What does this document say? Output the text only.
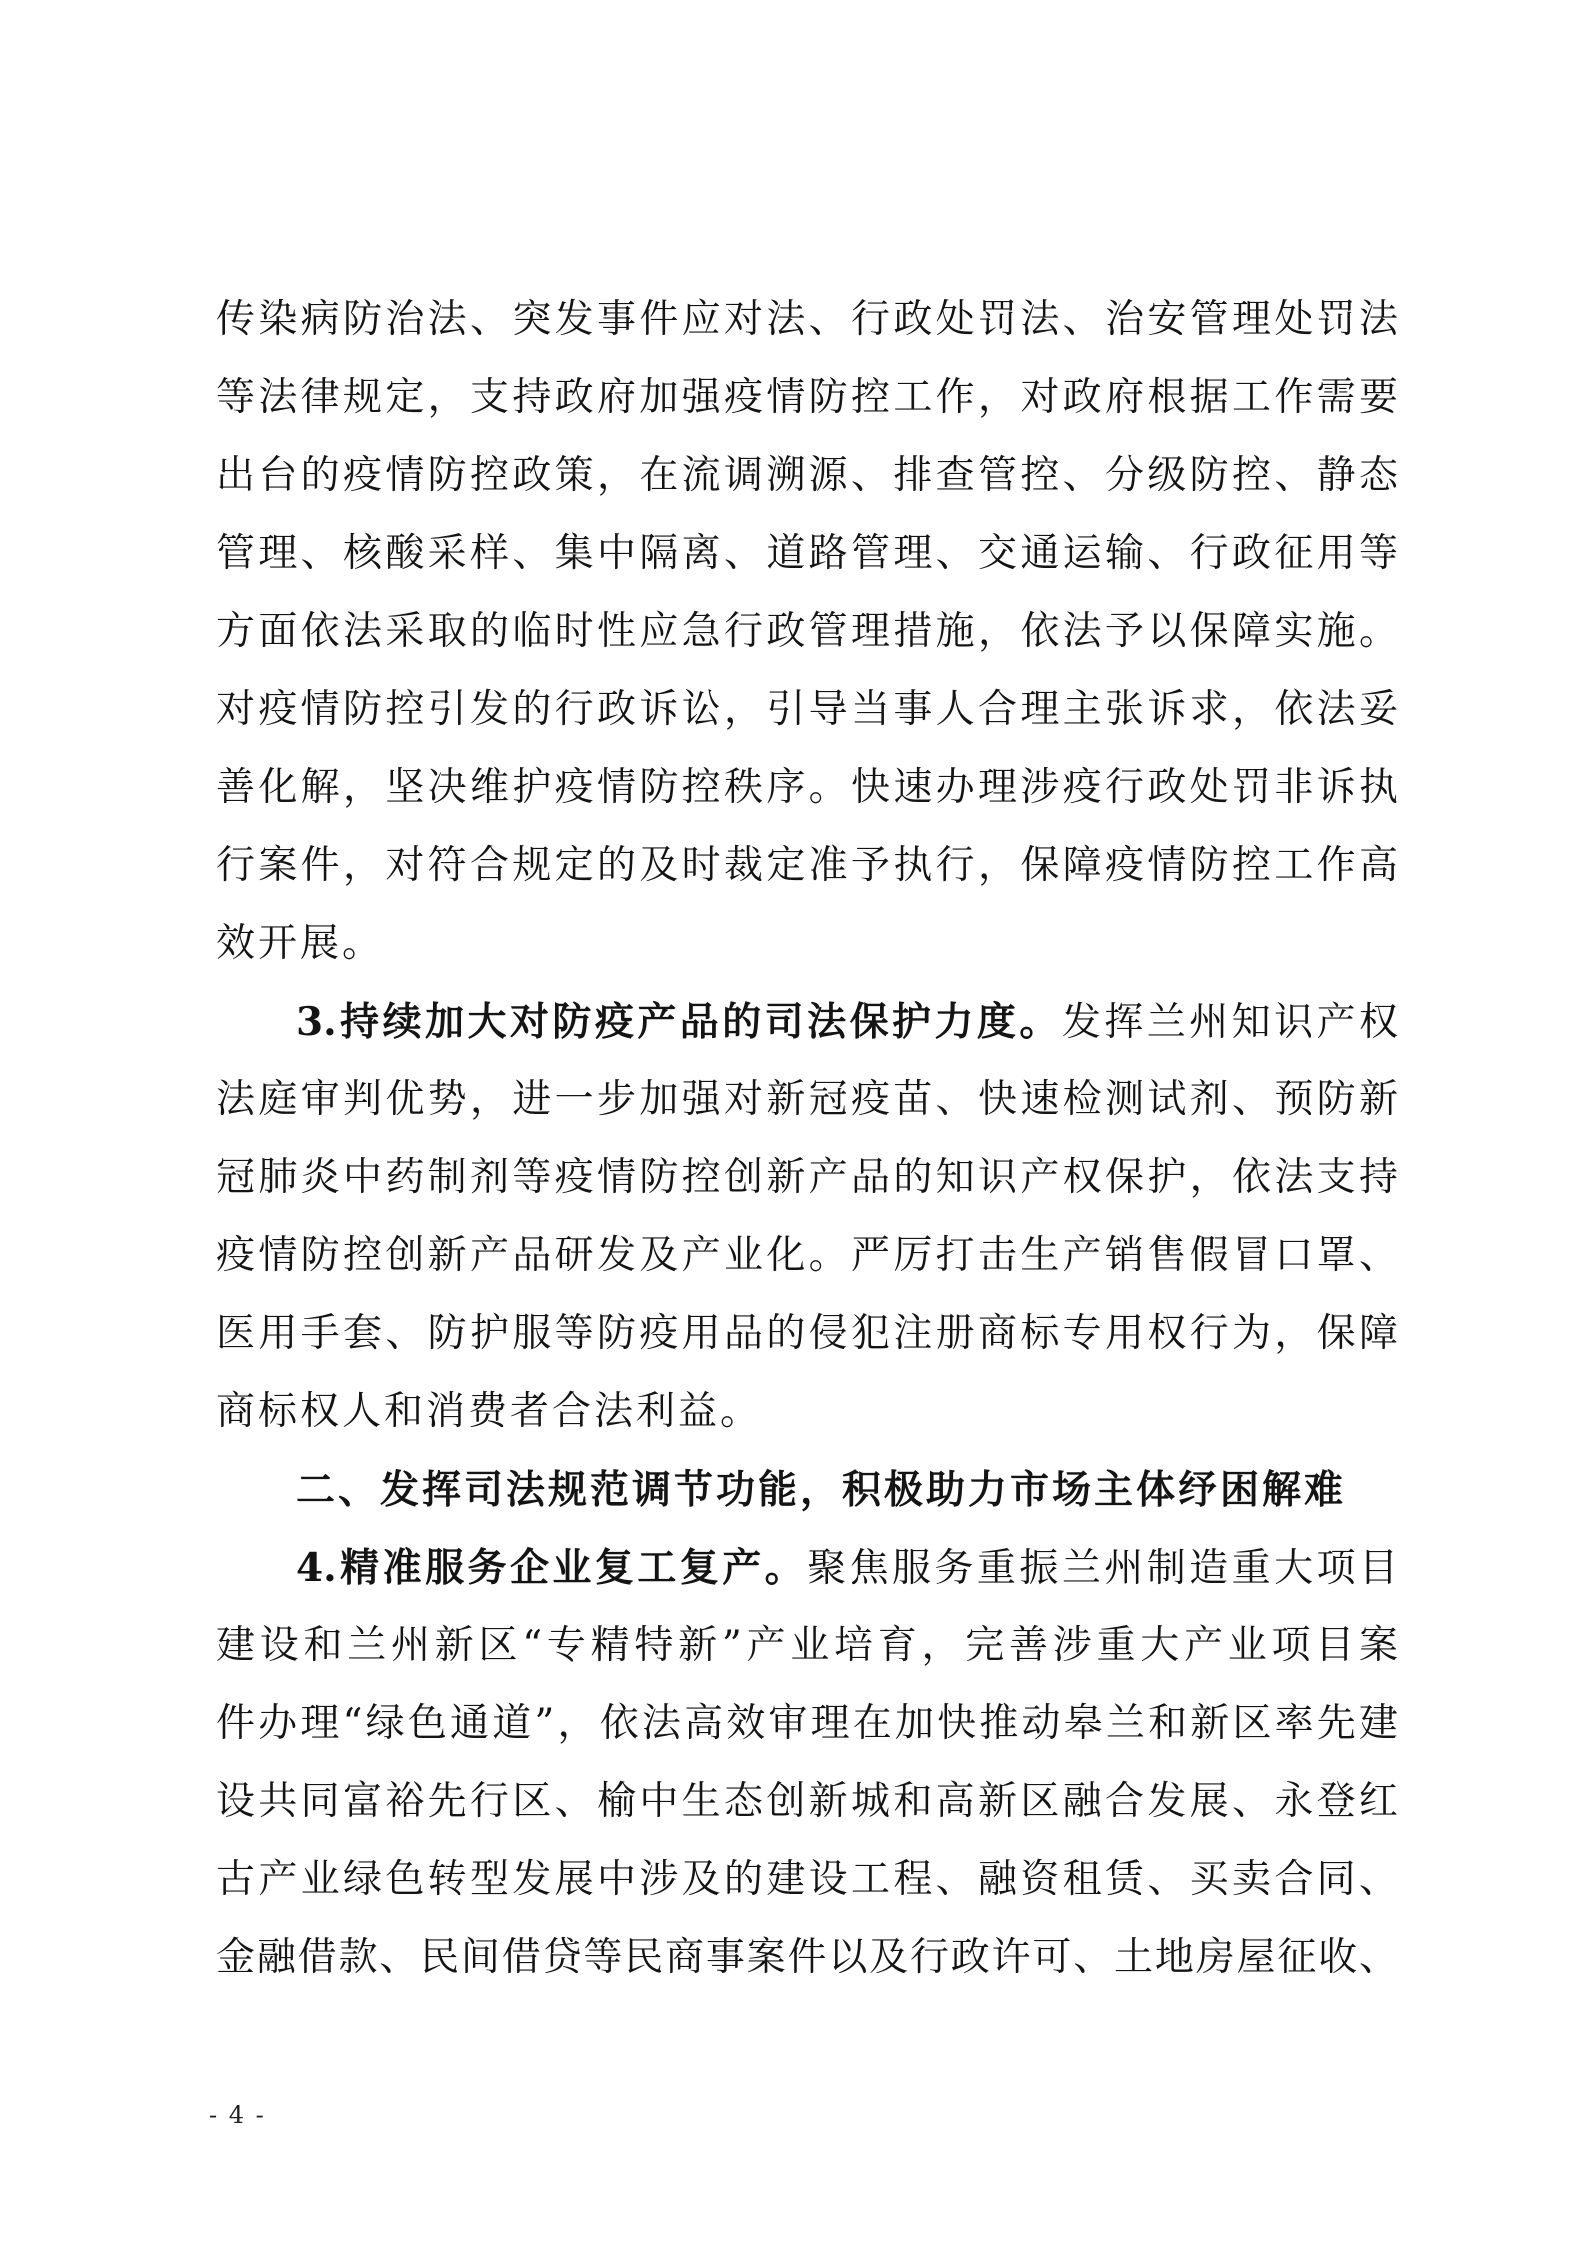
传染病防治法、突发事件应对法、行政处罚法、治安管理处罚法
等法律规定，支持政府加强疫情防控工作，对政府根据工作需要
出台的疫情防控政策，在流调溯源、排查管控、分级防控、静态
管理、核酸采样、集中隔离、道路管理、交通运输、行政征用等
方面依法采取的临时性应急行政管理措施，依法予以保障实施。
对疫情防控引发的行政诉讼，引导当事人合理主张诉求，依法妥
善化解，坚决维护疫情防控秩序。快速办理涉疫行政处罚非诉执
行案件，对符合规定的及时裁定准予执行，保障疫情防控工作高
效开展。
3.持续加大对防疫产品的司法保护力度。发挥兰州知识产权
法庭审判优势，进一步加强对新冠疫苗、快速检测试剂、预防新
冠肺炎中药制剂等疫情防控创新产品的知识产权保护，依法支持
疫情防控创新产品研发及产业化。严厉打击生产销售假冒口罩、
医用手套、防护服等防疫用品的侵犯注册商标专用权行为，保障
商标权人和消费者合法利益。
二、发挥司法规范调节功能，积极助力市场主体纾困解难
4.精准服务企业复工复产。聚焦服务重振兰州制造重大项目
建设和兰州新区“专精特新”产业培育，完善涉重大产业项目案
件办理“绿色通道”，依法高效审理在加快推动皋兰和新区率先建
设共同富裕先行区、榆中生态创新城和高新区融合发展、永登红
古产业绿色转型发展中涉及的建设工程、融资租赁、买卖合同、
金融借款、民间借贷等民商事案件以及行政许可、土地房屋征收、
- 4 -
